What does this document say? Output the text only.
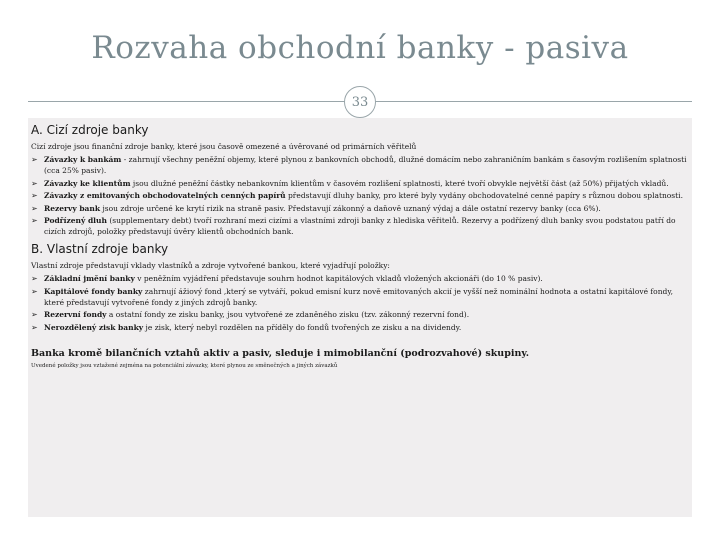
Rozvaha obchodní banky - pasiva
33
A. Cizí zdroje banky
Cizí zdroje jsou finanční zdroje banky, které jsou časově omezené a úvěrované od primárních věřitelů
➢ Závazky k bankám - zahrnují všechny peněžní objemy, které plynou z bankovních obchodů, dlužné domácím nebo zahraničním bankám s časovým rozlišením splatnosti (cca 25% pasiv).
➢ Závazky ke klientům jsou dlužné peněžní částky nebankovním klientům v časovém rozlišení splatnosti, které tvoří obvykle největší část (až 50%) přijatých vkladů.
➢ Závazky z emitovaných obchodovatelných cenných papírů představují dluhy banky, pro které byly vydány obchodovatelné cenné papíry s různou dobou splatnosti.
➢ Rezervy bank jsou zdroje určené ke krytí rizik na straně pasiv. Představují zákonný a daňově uznaný výdaj a dále ostatní rezervy banky (cca 6%).
➢ Podřízený dluh (supplementary debt) tvoří rozhraní mezi cizími a vlastními zdroji banky z hlediska věřitelů. Rezervy a podřízený dluh banky svou podstatou patří do cizích zdrojů, položky představují úvěry klientů obchodních bank.
B. Vlastní zdroje banky
Vlastní zdroje představují vklady vlastníků a zdroje vytvořené bankou, které vyjadřují položky:
➢ Základní jmění banky v peněžním vyjádření představuje souhrn hodnot kapitálových vkladů vložených akcionáři (do 10 % pasiv).
➢ Kapitálové fondy banky zahrnují ážiový fond ,který se vytváří, pokud emisní kurz nově emitovaných akcií je vyšší než nominální hodnota a ostatní kapitálové fondy, které představují vytvořené fondy z jiných zdrojů banky.
➢ Rezervní fondy a ostatní fondy ze zisku banky, jsou vytvořené ze zdaněného zisku (tzv. zákonný rezervní fond).
➢ Nerozdělený zisk banky je zisk, který nebyl rozdělen na příděly do fondů tvořených ze zisku a na dividendy.
Banka kromě bilančních vztahů aktiv a pasiv, sleduje i mimobilanční (podrozvahové) skupiny.
Uvedené položky jsou vztažené zejména na potenciální závazky, které plynou ze směnečných a jiných závazků
